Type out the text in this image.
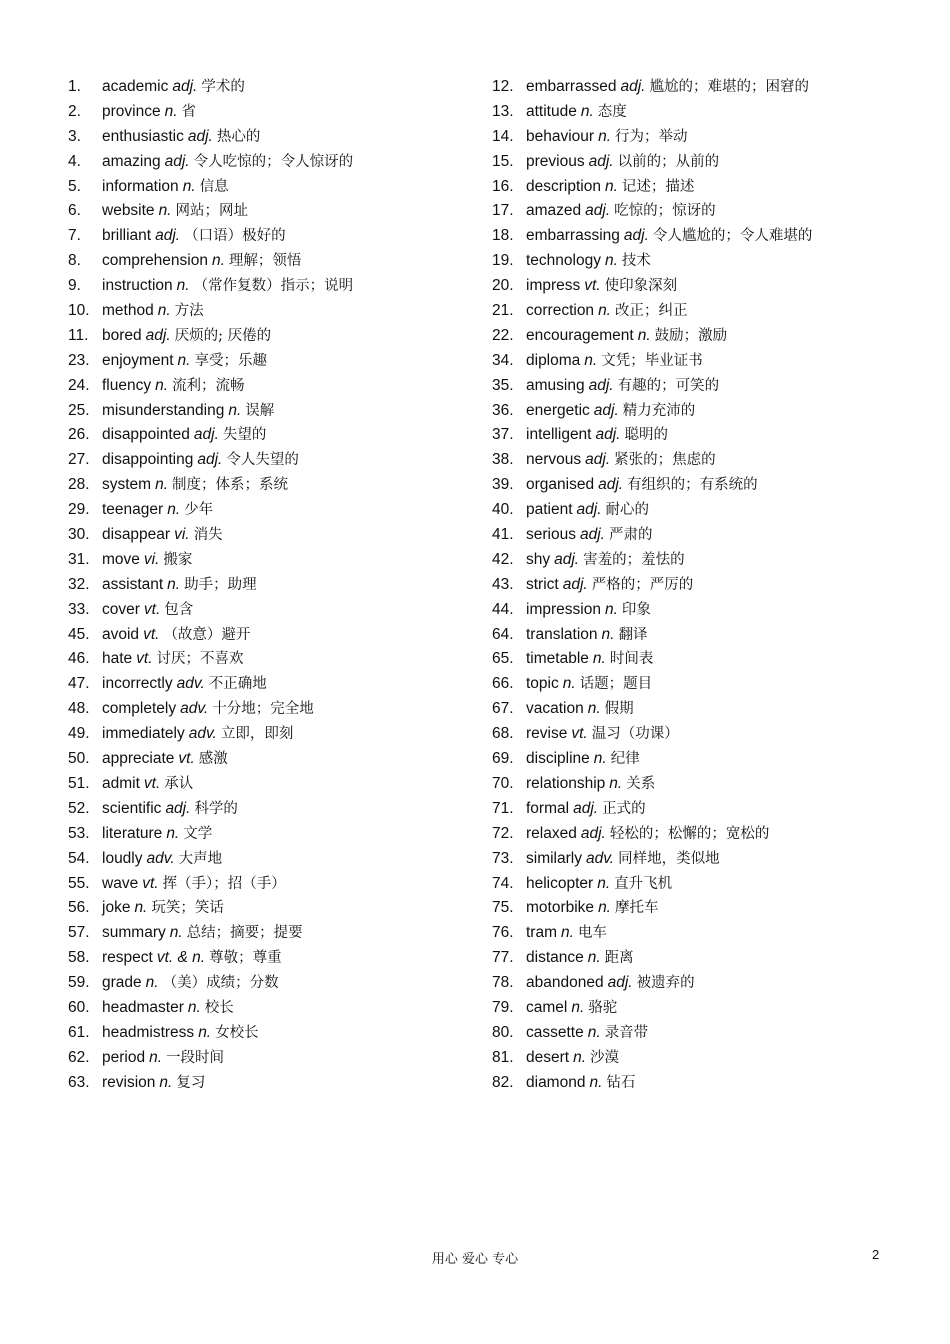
1.	academic adj. 学术的
2.	province n. 省
3.	enthusiastic adj. 热心的
4.	amazing adj. 令人吃惊的；令人惊讶的
5.	information n. 信息
6.	website n. 网站；网址
7.	brilliant adj. （口语）极好的
8.	comprehension n. 理解；领悟
9.	instruction n. （常作复数）指示；说明
10. method n. 方法
11. bored adj. 厌烦的; 厌倦的
23. enjoyment n. 享受；乐趣
24. fluency n. 流利；流畅
25. misunderstanding n. 误解
26. disappointed adj. 失望的
27. disappointing adj. 令人失望的
28. system n. 制度；体系；系统
29. teenager n. 少年
30. disappear vi. 消失
31. move vi. 搬家
32. assistant n. 助手；助理
33. cover vt. 包含
45. avoid vt. （故意）避开
46. hate vt. 讨厌；不喜欢
47. incorrectly adv. 不正确地
48. completely adv. 十分地；完全地
49. immediately adv. 立即，即刻
50. appreciate vt. 感激
51. admit vt. 承认
52. scientific adj. 科学的
53. literature n. 文学
54. loudly adv. 大声地
55. wave vt. 挥（手）；招（手）
56. joke n. 玩笑；笑话
57. summary n. 总结；摘要；提要
58. respect vt. & n. 尊敬；尊重
59. grade n. （美）成绩；分数
60. headmaster n. 校长
61. headmistress n. 女校长
62. period n. 一段时间
63. revision n. 复习
12. embarrassed adj. 尴尬的；难堪的；困窘的
13. attitude n. 态度
14. behaviour n. 行为；举动
15. previous adj. 以前的；从前的
16. description n. 记述；描述
17. amazed adj. 吃惊的；惊讶的
18. embarrassing adj. 令人尴尬的；令人难堪的
19. technology n. 技术
20. impress vt. 使印象深刻
21. correction n. 改正；纠正
22. encouragement n. 鼓励；激励
34. diploma n. 文凭；毕业证书
35. amusing adj. 有趣的；可笑的
36. energetic adj. 精力充沛的
37. intelligent adj. 聪明的
38. nervous adj. 紧张的；焦虑的
39. organised adj. 有组织的；有系统的
40. patient adj. 耐心的
41. serious adj. 严肃的
42. shy adj. 害羞的；羞怯的
43. strict adj. 严格的；严厉的
44. impression n. 印象
64. translation n. 翻译
65. timetable n. 时间表
66. topic n. 话题；题目
67. vacation n. 假期
68. revise vt. 温习（功课）
69. discipline n. 纪律
70. relationship n. 关系
71. formal adj. 正式的
72. relaxed adj. 轻松的；松懈的；宽松的
73. similarly adv. 同样地，类似地
74. helicopter n. 直升飞机
75. motorbike n. 摩托车
76. tram n. 电车
77. distance n. 距离
78. abandoned adj. 被遗弃的
79. camel n. 骆驼
80. cassette n. 录音带
81. desert n. 沙漠
82. diamond n. 钻石
用心 爱心 专心	2
